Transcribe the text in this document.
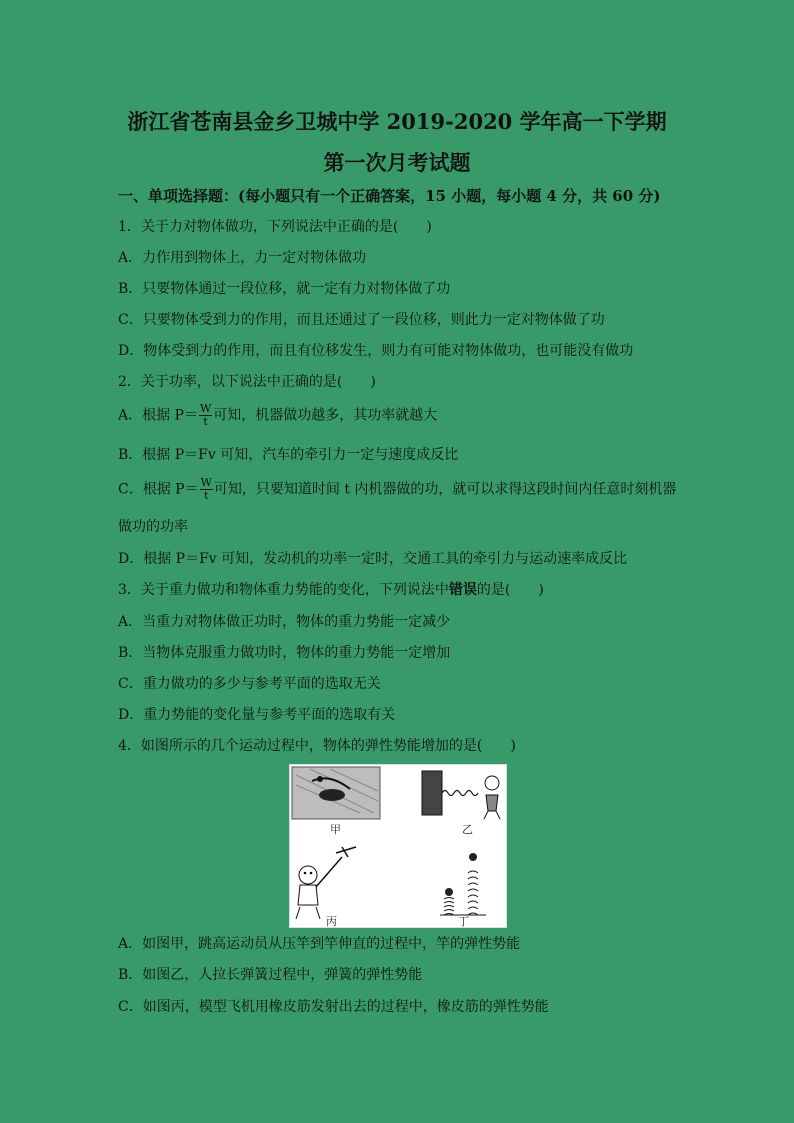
浙江省苍南县金乡卫城中学 2019-2020 学年高一下学期
第一次月考试题
一、单项选择题：(每小题只有一个正确答案，15 小题，每小题 4 分，共 60 分)
1．关于力对物体做功，下列说法中正确的是(　　)
A．力作用到物体上，力一定对物体做功
B．只要物体通过一段位移，就一定有力对物体做了功
C．只要物体受到力的作用，而且还通过了一段位移，则此力一定对物体做了功
D．物体受到力的作用，而且有位移发生，则力有可能对物体做功，也可能没有做功
2．关于功率，以下说法中正确的是(　　)
A．根据 $P= \frac{W}{t}$ 可知，机器做功越多，其功率就越大
B．根据 P＝Fv 可知，汽车的牵引力一定与速度成反比
C．根据 $P= \frac{W}{t}$ 可知，只要知道时间 t 内机器做的功，就可以求得这段时间内任意时刻机器
做功的功率
D．根据 P＝Fv 可知，发动机的功率一定时，交通工具的牵引力与运动速率成反比
3．关于重力做功和物体重力势能的变化，下列说法中错误的是(　　)
A．当重力对物体做正功时，物体的重力势能一定减少
B．当物体克服重力做功时，物体的重力势能一定增加
C．重力做功的多少与参考平面的选取无关
D．重力势能的变化量与参考平面的选取有关
4．如图所示的几个运动过程中，物体的弹性势能增加的是(　　)
甲	乙
丙	丁
A．如图甲，跳高运动员从压竿到竿伸直的过程中，竿的弹性势能
B．如图乙，人拉长弹簧过程中，弹簧的弹性势能
C．如图丙，模型飞机用橡皮筋发射出去的过程中，橡皮筋的弹性势能
